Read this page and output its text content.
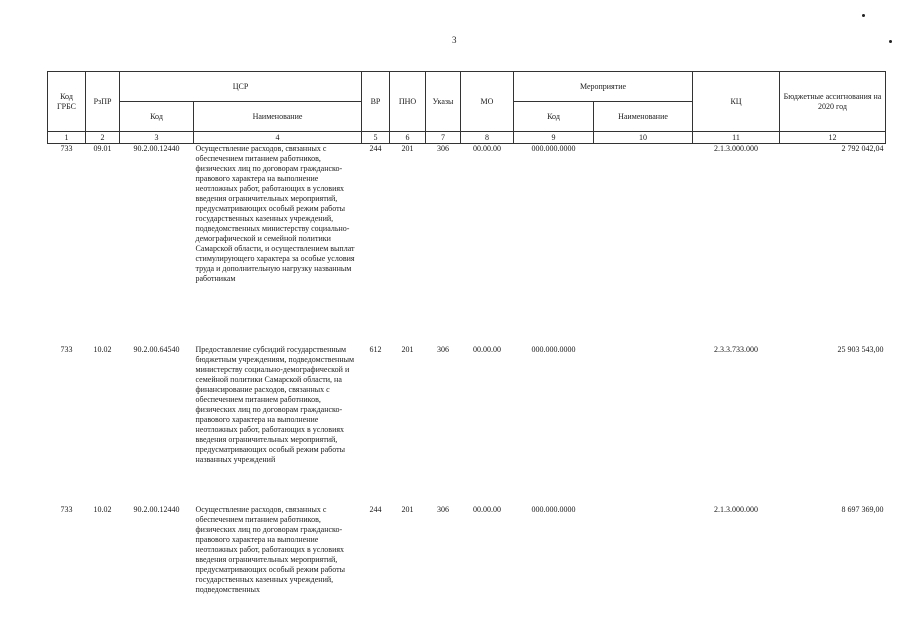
3
Код ГРБС	РзПР	ЦСР		ВР	ПНО	Указы	МО	Мероприятие		КЦ	Бюджетные ассигнования на 2020 год
		Код	Наименование					Код	Наименование		
1	2	3	4	5	6	7	8	9	10	11	12
733	09.01	90.2.00.12440	Осуществление расходов, связанных с обеспечением питанием работников, физических лиц по договорам гражданско-правового характера на выполнение неотложных работ, работающих в условиях введения ограничительных мероприятий, предусматривающих особый режим работы государственных казенных учреждений, подведомственных министерству социально-демографической и семейной политики Самарской области, и осуществлением выплат стимулирующего характера за особые условия труда и дополнительную нагрузку названным работникам	244	201	306	00.00.00	000.000.0000		2.1.3.000.000	2 792 042,04
733	10.02	90.2.00.64540	Предоставление субсидий государственным бюджетным учреждениям, подведомственным министерству социально-демографической и семейной политики Самарской области, на финансирование расходов, связанных с обеспечением питанием работников, физических лиц по договорам гражданско-правового характера на выполнение неотложных работ, работающих в условиях введения ограничительных мероприятий, предусматривающих особый режим работы названных учреждений	612	201	306	00.00.00	000.000.0000		2.3.3.733.000	25 903 543,00
733	10.02	90.2.00.12440	Осуществление расходов, связанных с обеспечением питанием работников, физических лиц по договорам гражданско-правового характера на выполнение неотложных работ, работающих в условиях введения ограничительных мероприятий, предусматривающих особый режим работы государственных казенных учреждений, подведомственных	244	201	306	00.00.00	000.000.0000		2.1.3.000.000	8 697 369,00
